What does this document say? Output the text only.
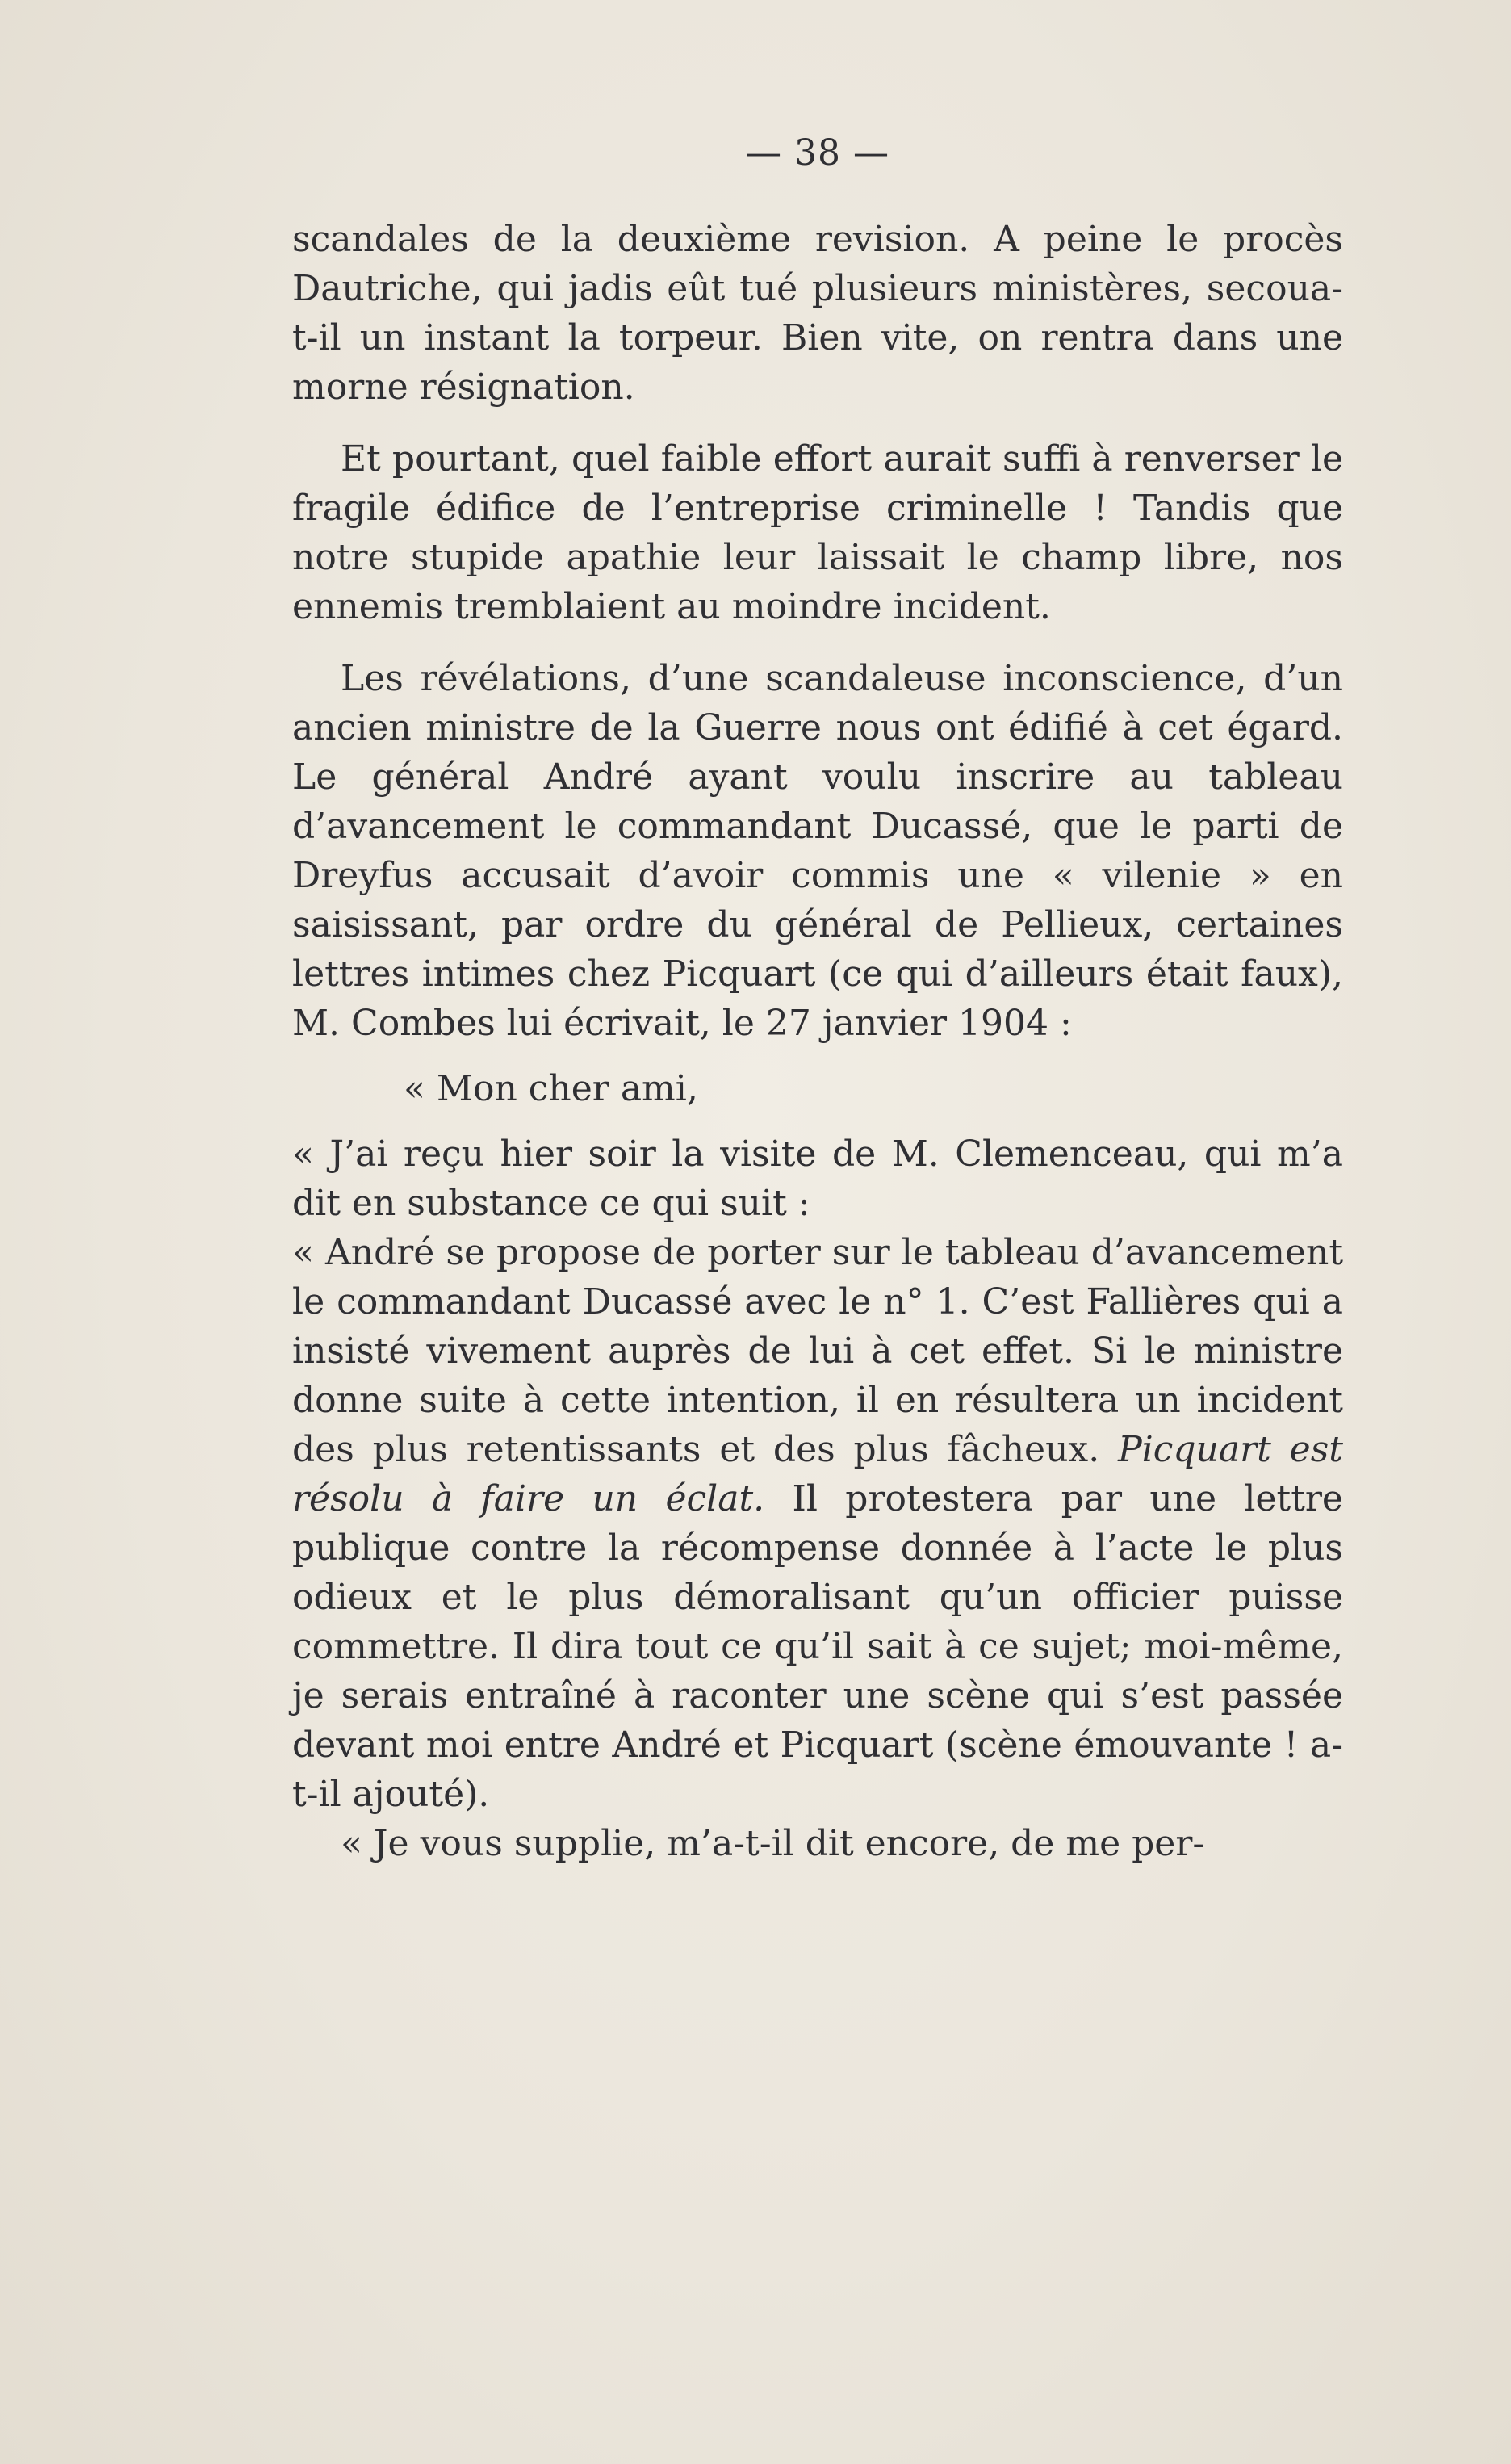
— 38 —

scandales de la deuxième revision. A peine le procès Dautriche, qui jadis eût tué plusieurs ministères, secoua-t-il un instant la torpeur. Bien vite, on rentra dans une morne résignation.

Et pourtant, quel faible effort aurait suffi à renverser le fragile édifice de l’entreprise criminelle ! Tandis que notre stupide apathie leur laissait le champ libre, nos ennemis tremblaient au moindre incident.

Les révélations, d’une scandaleuse inconscience, d’un ancien ministre de la Guerre nous ont édifié à cet égard. Le général André ayant voulu inscrire au tableau d’avancement le commandant Ducassé, que le parti de Dreyfus accusait d’avoir commis une « vilenie » en saisissant, par ordre du général de Pellieux, certaines lettres intimes chez Picquart (ce qui d’ailleurs était faux), M. Combes lui écrivait, le 27 janvier 1904 :

« Mon cher ami,

« J’ai reçu hier soir la visite de M. Clemenceau, qui m’a dit en substance ce qui suit :

« André se propose de porter sur le tableau d’avancement le commandant Ducassé avec le n° 1. C’est Fallières qui a insisté vivement auprès de lui à cet effet. Si le ministre donne suite à cette intention, il en résultera un incident des plus retentissants et des plus fâcheux. Picquart est résolu à faire un éclat. Il protestera par une lettre publique contre la récompense donnée à l’acte le plus odieux et le plus démoralisant qu’un officier puisse commettre. Il dira tout ce qu’il sait à ce sujet; moi-même, je serais entraîné à raconter une scène qui s’est passée devant moi entre André et Picquart (scène émouvante ! a-t-il ajouté).

« Je vous supplie, m’a-t-il dit encore, de me per-
